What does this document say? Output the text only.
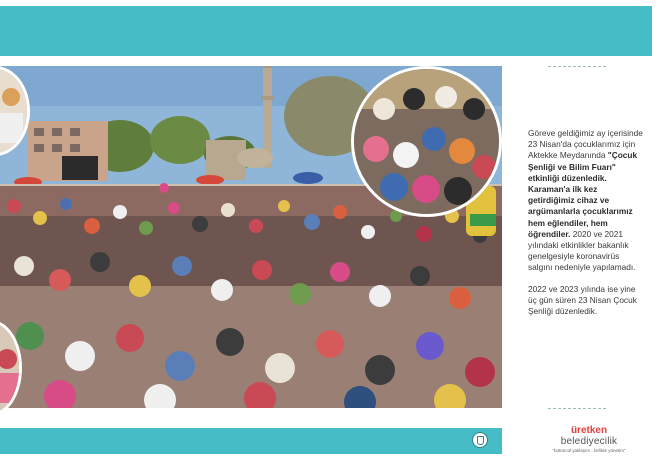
Göreve geldiğimiz ay içerisinde 23 Nisan'da çocuklarımız için Aktekke Meydanında "Çocuk Şenliği ve Bilim Fuarı" etkinliği düzenledik. Karaman'a ilk kez getirdiğimiz cihaz ve argümanlarla çocuklarımız hem eğlendiler, hem öğrendiler. 2020 ve 2021 yılındaki etkinlikler bakanlık genelgesiyle koronavirüs salgını nedeniyle yapılamadı.

2022 ve 2023 yılında ise yine üç gün süren 23 Nisan Çocuk Şenliği düzenledik.

üretken
belediyecilik
"bütüncül yaklaşım - birlikte yönetim"
